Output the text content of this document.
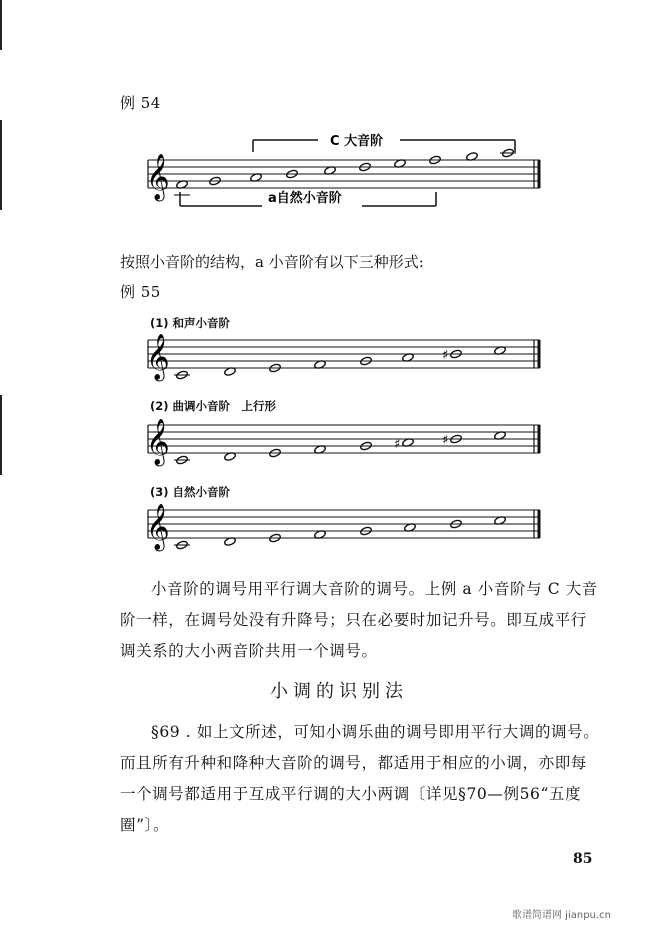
例 54
C 大音阶
𝄞	a自然小音阶
按照小音阶的结构，a 小音阶有以下三种形式:
例 55
(1) 和声小音阶
𝄞	♯
(2) 曲调小音阶　上行形
𝄞	♯	♯
(3) 自然小音阶
𝄞
小音阶的调号用平行调大音阶的调号。上例 a 小音阶与 C 大音阶一样，在调号处没有升降号；只在必要时加记升号。即互成平行调关系的大小两音阶共用一个调号。
小调的识别法
§69 . 如上文所述，可知小调乐曲的调号即用平行大调的调号。而且所有升种和降种大音阶的调号，都适用于相应的小调，亦即每一个调号都适用于互成平行调的大小两调〔详见§70—例56“五度圈”〕。
85
歌谱简谱网 jianpu.cn
